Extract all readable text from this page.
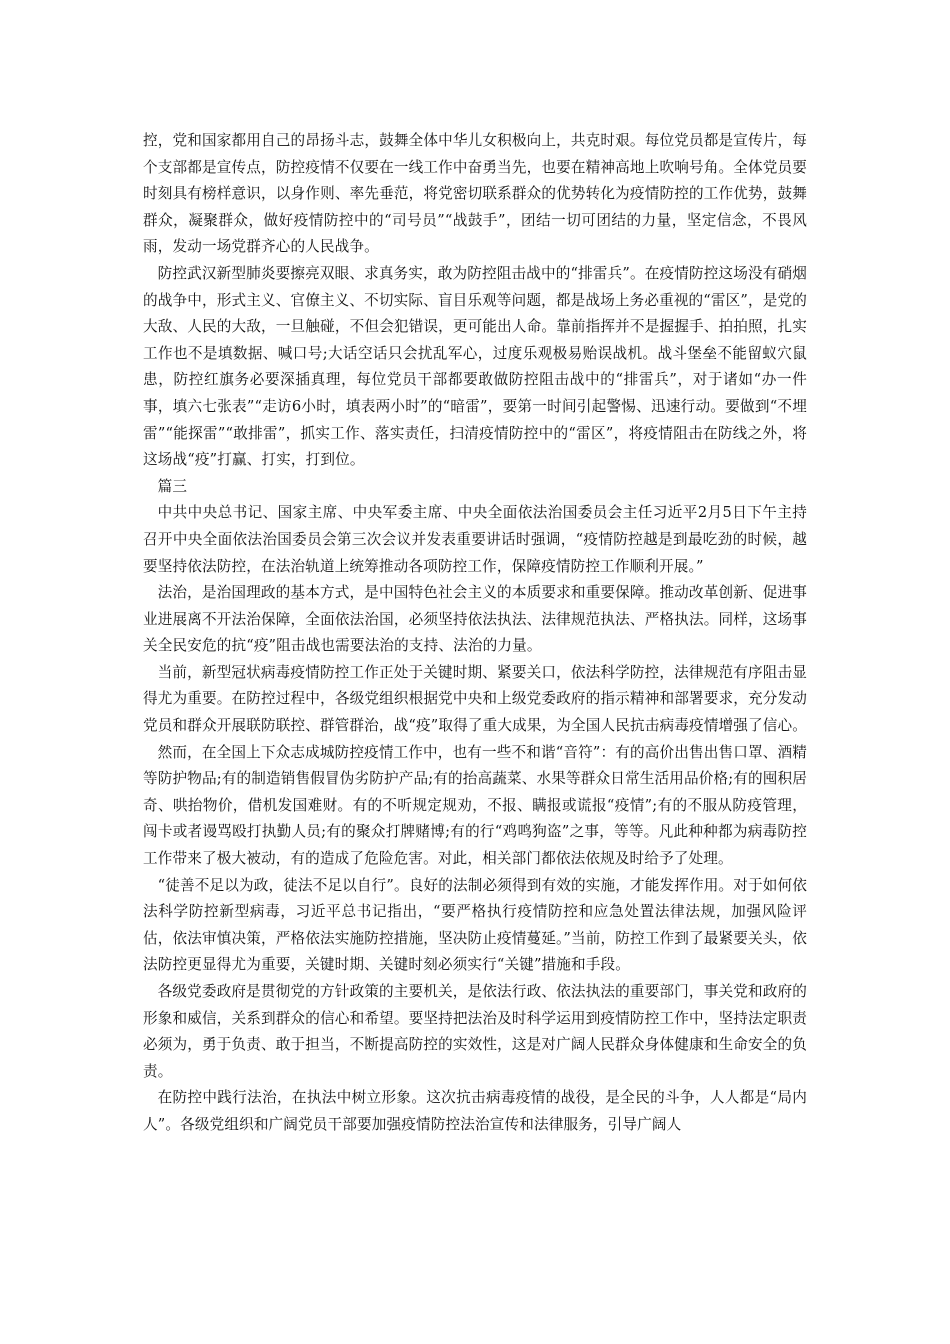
控，党和国家都用自己的昂扬斗志，鼓舞全体中华儿女积极向上，共克时艰。每位党员都是宣传片，每个支部都是宣传点，防控疫情不仅要在一线工作中奋勇当先，也要在精神高地上吹响号角。全体党员要时刻具有榜样意识，以身作则、率先垂范，将党密切联系群众的优势转化为疫情防控的工作优势，鼓舞群众，凝聚群众，做好疫情防控中的“司号员”“战鼓手”，团结一切可团结的力量，坚定信念，不畏风雨，发动一场党群齐心的人民战争。

防控武汉新型肺炎要擦亮双眼、求真务实，敢为防控阻击战中的“排雷兵”。在疫情防控这场没有硝烟的战争中，形式主义、官僚主义、不切实际、盲目乐观等问题，都是战场上务必重视的“雷区”，是党的大敌、人民的大敌，一旦触碰，不但会犯错误，更可能出人命。靠前指挥并不是握握手、拍拍照，扎实工作也不是填数据、喊口号;大话空话只会扰乱军心，过度乐观极易贻误战机。战斗堡垒不能留蚁穴鼠患，防控红旗务必要深插真理，每位党员干部都要敢做防控阻击战中的“排雷兵”，对于诸如“办一件事，填六七张表”“走访6小时，填表两小时”的“暗雷”，要第一时间引起警惕、迅速行动。要做到“不埋雷”“能探雷”“敢排雷”，抓实工作、落实责任，扫清疫情防控中的“雷区”，将疫情阻击在防线之外，将这场战“疫”打赢、打实，打到位。

篇三

中共中央总书记、国家主席、中央军委主席、中央全面依法治国委员会主任习近平2月5日下午主持召开中央全面依法治国委员会第三次会议并发表重要讲话时强调，“疫情防控越是到最吃劲的时候，越要坚持依法防控，在法治轨道上统筹推动各项防控工作，保障疫情防控工作顺利开展。”

法治，是治国理政的基本方式，是中国特色社会主义的本质要求和重要保障。推动改革创新、促进事业进展离不开法治保障，全面依法治国，必须坚持依法执法、法律规范执法、严格执法。同样，这场事关全民安危的抗“疫”阻击战也需要法治的支持、法治的力量。

当前，新型冠状病毒疫情防控工作正处于关键时期、紧要关口，依法科学防控，法律规范有序阻击显得尤为重要。在防控过程中，各级党组织根据党中央和上级党委政府的指示精神和部署要求，充分发动党员和群众开展联防联控、群管群治，战“疫”取得了重大成果，为全国人民抗击病毒疫情增强了信心。

然而，在全国上下众志成城防控疫情工作中，也有一些不和谐“音符”：有的高价出售出售口罩、酒精等防护物品;有的制造销售假冒伪劣防护产品;有的抬高蔬菜、水果等群众日常生活用品价格;有的囤积居奇、哄抬物价，借机发国难财。有的不听规定规劝，不报、瞒报或谎报“疫情”;有的不服从防疫管理，闯卡或者谩骂殴打执勤人员;有的聚众打牌赌博;有的行“鸡鸣狗盗”之事，等等。凡此种种都为病毒防控工作带来了极大被动，有的造成了危险危害。对此，相关部门都依法依规及时给予了处理。

“徒善不足以为政，徒法不足以自行”。良好的法制必须得到有效的实施，才能发挥作用。对于如何依法科学防控新型病毒，习近平总书记指出，“要严格执行疫情防控和应急处置法律法规，加强风险评估，依法审慎决策，严格依法实施防控措施，坚决防止疫情蔓延。”当前，防控工作到了最紧要关头，依法防控更显得尤为重要，关键时期、关键时刻必须实行“关键”措施和手段。

各级党委政府是贯彻党的方针政策的主要机关，是依法行政、依法执法的重要部门，事关党和政府的形象和威信，关系到群众的信心和希望。要坚持把法治及时科学运用到疫情防控工作中，坚持法定职责必须为，勇于负责、敢于担当，不断提高防控的实效性，这是对广阔人民群众身体健康和生命安全的负责。

在防控中践行法治，在执法中树立形象。这次抗击病毒疫情的战役，是全民的斗争，人人都是“局内人”。各级党组织和广阔党员干部要加强疫情防控法治宣传和法律服务，引导广阔人
